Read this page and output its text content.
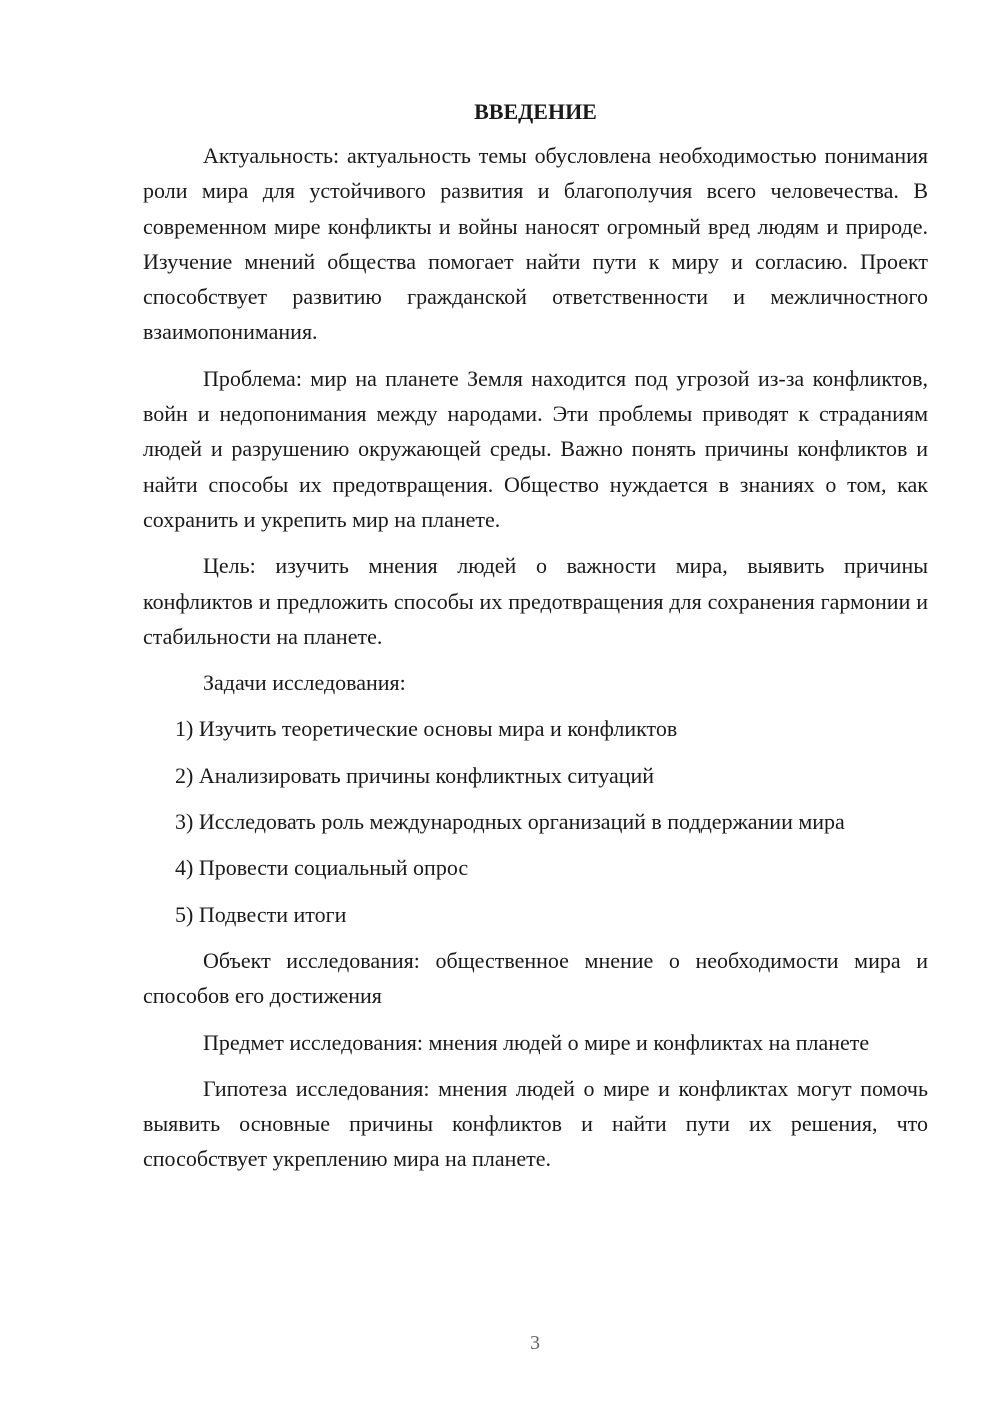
ВВЕДЕНИЕ

Актуальность: актуальность темы обусловлена необходимостью понимания роли мира для устойчивого развития и благополучия всего человечества. В современном мире конфликты и войны наносят огромный вред людям и природе. Изучение мнений общества помогает найти пути к миру и согласию. Проект способствует развитию гражданской ответственности и межличностного взаимопонимания.

Проблема: мир на планете Земля находится под угрозой из-за конфликтов, войн и недопонимания между народами. Эти проблемы приводят к страданиям людей и разрушению окружающей среды. Важно понять причины конфликтов и найти способы их предотвращения. Общество нуждается в знаниях о том, как сохранить и укрепить мир на планете.

Цель: изучить мнения людей о важности мира, выявить причины конфликтов и предложить способы их предотвращения для сохранения гармонии и стабильности на планете.

Задачи исследования:

1) Изучить теоретические основы мира и конфликтов

2) Анализировать причины конфликтных ситуаций

3) Исследовать роль международных организаций в поддержании мира

4) Провести социальный опрос

5) Подвести итоги

Объект исследования: общественное мнение о необходимости мира и способов его достижения

Предмет исследования: мнения людей о мире и конфликтах на планете

Гипотеза исследования: мнения людей о мире и конфликтах могут помочь выявить основные причины конфликтов и найти пути их решения, что способствует укреплению мира на планете.

3
